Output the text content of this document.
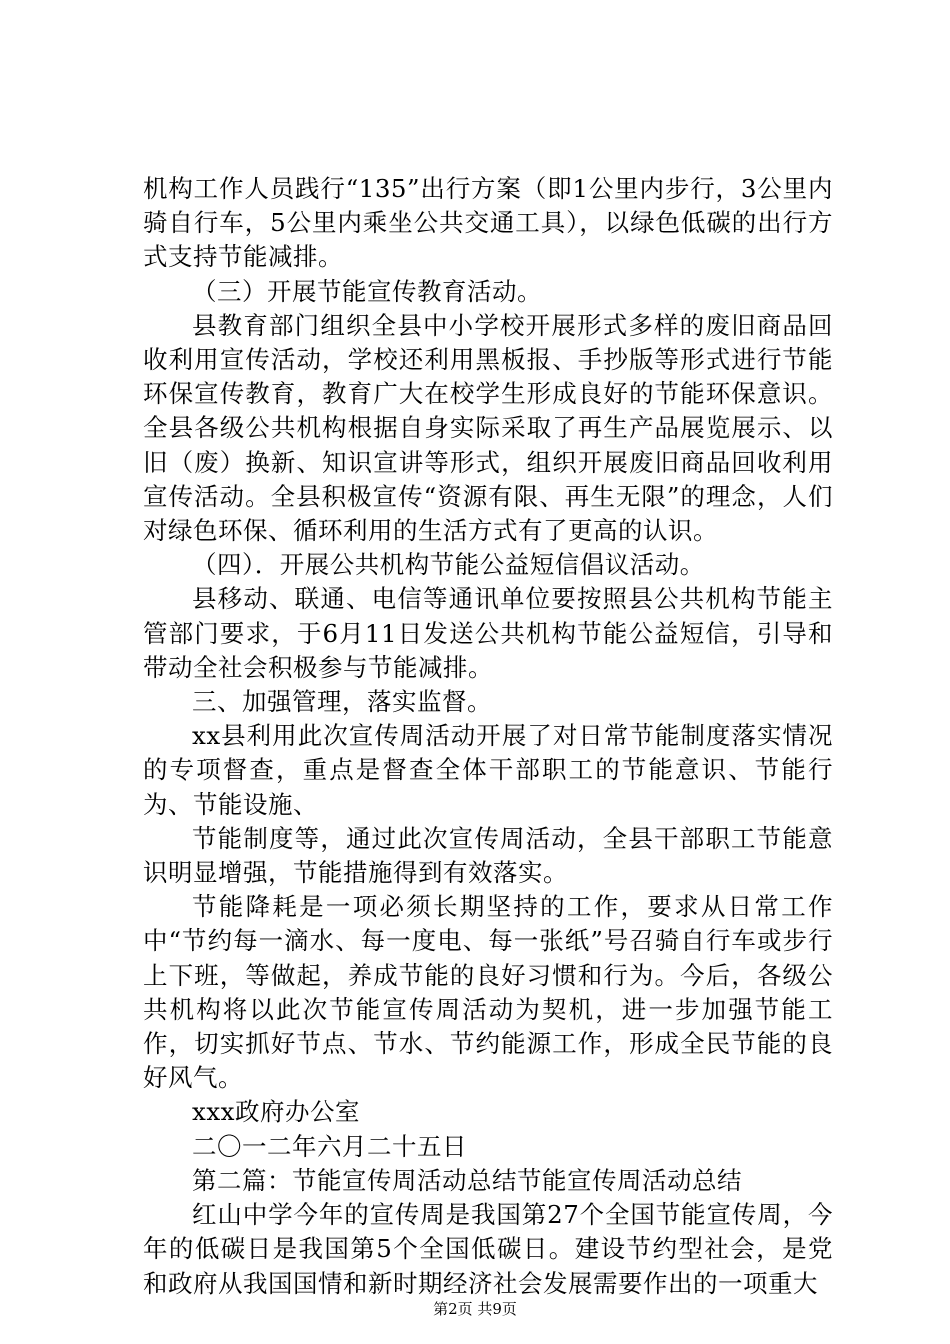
机构工作人员践行“135”出行方案（即1公里内步行，3公里内骑自行车，5公里内乘坐公共交通工具），以绿色低碳的出行方式支持节能减排。

（三）开展节能宣传教育活动。

县教育部门组织全县中小学校开展形式多样的废旧商品回收利用宣传活动，学校还利用黑板报、手抄版等形式进行节能环保宣传教育，教育广大在校学生形成良好的节能环保意识。全县各级公共机构根据自身实际采取了再生产品展览展示、以旧（废）换新、知识宣讲等形式，组织开展废旧商品回收利用宣传活动。全县积极宣传“资源有限、再生无限”的理念，人们对绿色环保、循环利用的生活方式有了更高的认识。

（四）．开展公共机构节能公益短信倡议活动。

县移动、联通、电信等通讯单位要按照县公共机构节能主管部门要求，于6月11日发送公共机构节能公益短信，引导和带动全社会积极参与节能减排。

三、加强管理，落实监督。

xx县利用此次宣传周活动开展了对日常节能制度落实情况的专项督查，重点是督查全体干部职工的节能意识、节能行为、节能设施、

节能制度等，通过此次宣传周活动，全县干部职工节能意识明显增强，节能措施得到有效落实。

节能降耗是一项必须长期坚持的工作，要求从日常工作中“节约每一滴水、每一度电、每一张纸”号召骑自行车或步行上下班，等做起，养成节能的良好习惯和行为。今后，各级公共机构将以此次节能宣传周活动为契机，进一步加强节能工作，切实抓好节点、节水、节约能源工作，形成全民节能的良好风气。

xxx政府办公室

二〇一二年六月二十五日

第二篇：节能宣传周活动总结节能宣传周活动总结

红山中学今年的宣传周是我国第27个全国节能宣传周，今年的低碳日是我国第5个全国低碳日。建设节约型社会，是党和政府从我国国情和新时期经济社会发展需要作出的一项重大

第2页 共9页
